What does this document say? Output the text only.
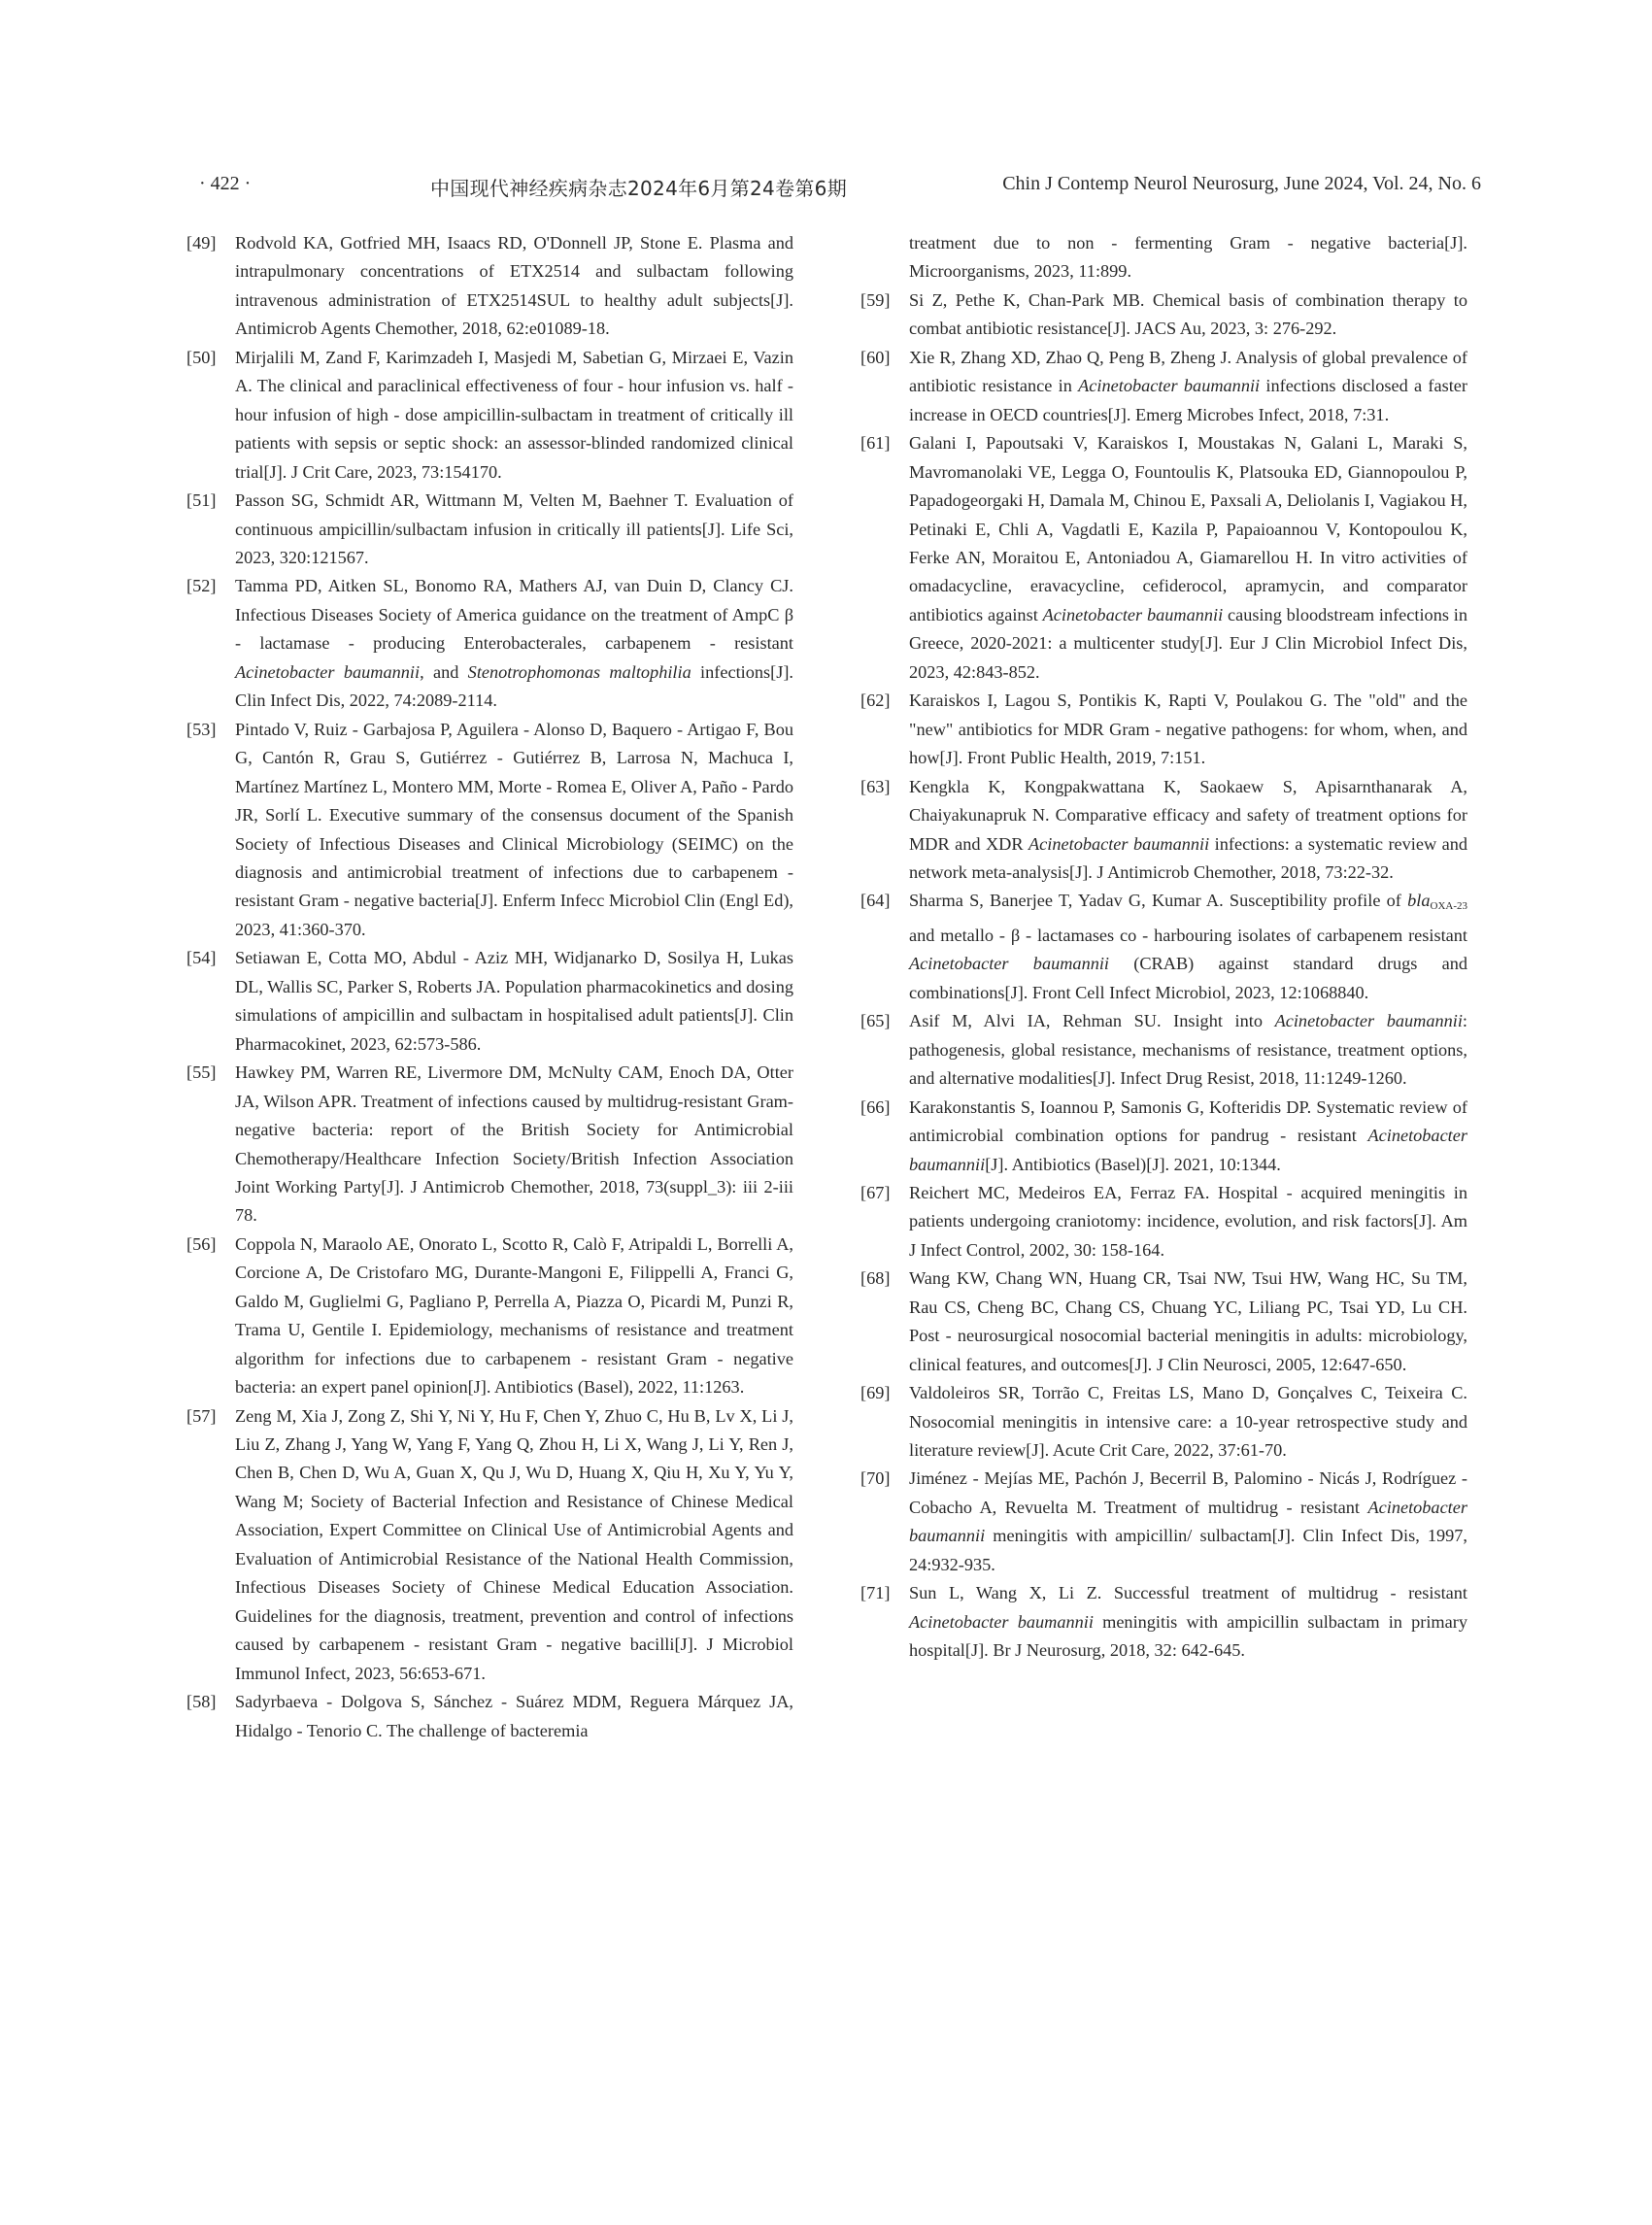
· 422 ·	中国现代神经疾病杂志2024年6月第24卷第6期	Chin J Contemp Neurol Neurosurg, June 2024, Vol. 24, No. 6
[49] Rodvold KA, Gotfried MH, Isaacs RD, O'Donnell JP, Stone E. Plasma and intrapulmonary concentrations of ETX2514 and sulbactam following intravenous administration of ETX2514SUL to healthy adult subjects[J]. Antimicrob Agents Chemother, 2018, 62:e01089-18.
[50] Mirjalili M, Zand F, Karimzadeh I, Masjedi M, Sabetian G, Mirzaei E, Vazin A. The clinical and paraclinical effectiveness of four - hour infusion vs. half - hour infusion of high - dose ampicillin-sulbactam in treatment of critically ill patients with sepsis or septic shock: an assessor-blinded randomized clinical trial[J]. J Crit Care, 2023, 73:154170.
[51] Passon SG, Schmidt AR, Wittmann M, Velten M, Baehner T. Evaluation of continuous ampicillin/sulbactam infusion in critically ill patients[J]. Life Sci, 2023, 320:121567.
[52] Tamma PD, Aitken SL, Bonomo RA, Mathers AJ, van Duin D, Clancy CJ. Infectious Diseases Society of America guidance on the treatment of AmpC β - lactamase - producing Enterobacterales, carbapenem - resistant Acinetobacter baumannii, and Stenotrophomonas maltophilia infections[J]. Clin Infect Dis, 2022, 74:2089-2114.
[53] Pintado V, Ruiz - Garbajosa P, Aguilera - Alonso D, Baquero - Artigao F, Bou G, Cantón R, Grau S, Gutiérrez - Gutiérrez B, Larrosa N, Machuca I, Martínez Martínez L, Montero MM, Morte - Romea E, Oliver A, Paño - Pardo JR, Sorlí L. Executive summary of the consensus document of the Spanish Society of Infectious Diseases and Clinical Microbiology (SEIMC) on the diagnosis and antimicrobial treatment of infections due to carbapenem - resistant Gram - negative bacteria[J]. Enferm Infecc Microbiol Clin (Engl Ed), 2023, 41:360-370.
[54] Setiawan E, Cotta MO, Abdul - Aziz MH, Widjanarko D, Sosilya H, Lukas DL, Wallis SC, Parker S, Roberts JA. Population pharmacokinetics and dosing simulations of ampicillin and sulbactam in hospitalised adult patients[J]. Clin Pharmacokinet, 2023, 62:573-586.
[55] Hawkey PM, Warren RE, Livermore DM, McNulty CAM, Enoch DA, Otter JA, Wilson APR. Treatment of infections caused by multidrug-resistant Gram-negative bacteria: report of the British Society for Antimicrobial Chemotherapy/Healthcare Infection Society/British Infection Association Joint Working Party[J]. J Antimicrob Chemother, 2018, 73(suppl_3): iii 2-iii 78.
[56] Coppola N, Maraolo AE, Onorato L, Scotto R, Calò F, Atripaldi L, Borrelli A, Corcione A, De Cristofaro MG, Durante-Mangoni E, Filippelli A, Franci G, Galdo M, Guglielmi G, Pagliano P, Perrella A, Piazza O, Picardi M, Punzi R, Trama U, Gentile I. Epidemiology, mechanisms of resistance and treatment algorithm for infections due to carbapenem - resistant Gram - negative bacteria: an expert panel opinion[J]. Antibiotics (Basel), 2022, 11:1263.
[57] Zeng M, Xia J, Zong Z, Shi Y, Ni Y, Hu F, Chen Y, Zhuo C, Hu B, Lv X, Li J, Liu Z, Zhang J, Yang W, Yang F, Yang Q, Zhou H, Li X, Wang J, Li Y, Ren J, Chen B, Chen D, Wu A, Guan X, Qu J, Wu D, Huang X, Qiu H, Xu Y, Yu Y, Wang M; Society of Bacterial Infection and Resistance of Chinese Medical Association, Expert Committee on Clinical Use of Antimicrobial Agents and Evaluation of Antimicrobial Resistance of the National Health Commission, Infectious Diseases Society of Chinese Medical Education Association. Guidelines for the diagnosis, treatment, prevention and control of infections caused by carbapenem - resistant Gram - negative bacilli[J]. J Microbiol Immunol Infect, 2023, 56:653-671.
[58] Sadyrbaeva - Dolgova S, Sánchez - Suárez MDM, Reguera Márquez JA, Hidalgo - Tenorio C. The challenge of bacteremia
treatment due to non - fermenting Gram - negative bacteria[J]. Microorganisms, 2023, 11:899.
[59] Si Z, Pethe K, Chan-Park MB. Chemical basis of combination therapy to combat antibiotic resistance[J]. JACS Au, 2023, 3: 276-292.
[60] Xie R, Zhang XD, Zhao Q, Peng B, Zheng J. Analysis of global prevalence of antibiotic resistance in Acinetobacter baumannii infections disclosed a faster increase in OECD countries[J]. Emerg Microbes Infect, 2018, 7:31.
[61] Galani I, Papoutsaki V, Karaiskos I, Moustakas N, Galani L, Maraki S, Mavromanolaki VE, Legga O, Fountoulis K, Platsouka ED, Giannopoulou P, Papadogeorgaki H, Damala M, Chinou E, Paxsali A, Deliolanis I, Vagiakou H, Petinaki E, Chli A, Vagdatli E, Kazila P, Papaioannou V, Kontopoulou K, Ferke AN, Moraitou E, Antoniadou A, Giamarellou H. In vitro activities of omadacycline, eravacycline, cefiderocol, apramycin, and comparator antibiotics against Acinetobacter baumannii causing bloodstream infections in Greece, 2020-2021: a multicenter study[J]. Eur J Clin Microbiol Infect Dis, 2023, 42:843-852.
[62] Karaiskos I, Lagou S, Pontikis K, Rapti V, Poulakou G. The "old" and the "new" antibiotics for MDR Gram - negative pathogens: for whom, when, and how[J]. Front Public Health, 2019, 7:151.
[63] Kengkla K, Kongpakwattana K, Saokaew S, Apisarnthanarak A, Chaiyakunapruk N. Comparative efficacy and safety of treatment options for MDR and XDR Acinetobacter baumannii infections: a systematic review and network meta-analysis[J]. J Antimicrob Chemother, 2018, 73:22-32.
[64] Sharma S, Banerjee T, Yadav G, Kumar A. Susceptibility profile of bla$_{OXA-23}$ and metallo - β - lactamases co - harbouring isolates of carbapenem resistant Acinetobacter baumannii (CRAB) against standard drugs and combinations[J]. Front Cell Infect Microbiol, 2023, 12:1068840.
[65] Asif M, Alvi IA, Rehman SU. Insight into Acinetobacter baumannii: pathogenesis, global resistance, mechanisms of resistance, treatment options, and alternative modalities[J]. Infect Drug Resist, 2018, 11:1249-1260.
[66] Karakonstantis S, Ioannou P, Samonis G, Kofteridis DP. Systematic review of antimicrobial combination options for pandrug - resistant Acinetobacter baumannii[J]. Antibiotics (Basel)[J]. 2021, 10:1344.
[67] Reichert MC, Medeiros EA, Ferraz FA. Hospital - acquired meningitis in patients undergoing craniotomy: incidence, evolution, and risk factors[J]. Am J Infect Control, 2002, 30: 158-164.
[68] Wang KW, Chang WN, Huang CR, Tsai NW, Tsui HW, Wang HC, Su TM, Rau CS, Cheng BC, Chang CS, Chuang YC, Liliang PC, Tsai YD, Lu CH. Post - neurosurgical nosocomial bacterial meningitis in adults: microbiology, clinical features, and outcomes[J]. J Clin Neurosci, 2005, 12:647-650.
[69] Valdoleiros SR, Torrão C, Freitas LS, Mano D, Gonçalves C, Teixeira C. Nosocomial meningitis in intensive care: a 10-year retrospective study and literature review[J]. Acute Crit Care, 2022, 37:61-70.
[70] Jiménez - Mejías ME, Pachón J, Becerril B, Palomino - Nicás J, Rodríguez - Cobacho A, Revuelta M. Treatment of multidrug - resistant Acinetobacter baumannii meningitis with ampicillin/ sulbactam[J]. Clin Infect Dis, 1997, 24:932-935.
[71] Sun L, Wang X, Li Z. Successful treatment of multidrug - resistant Acinetobacter baumannii meningitis with ampicillin sulbactam in primary hospital[J]. Br J Neurosurg, 2018, 32: 642-645.
